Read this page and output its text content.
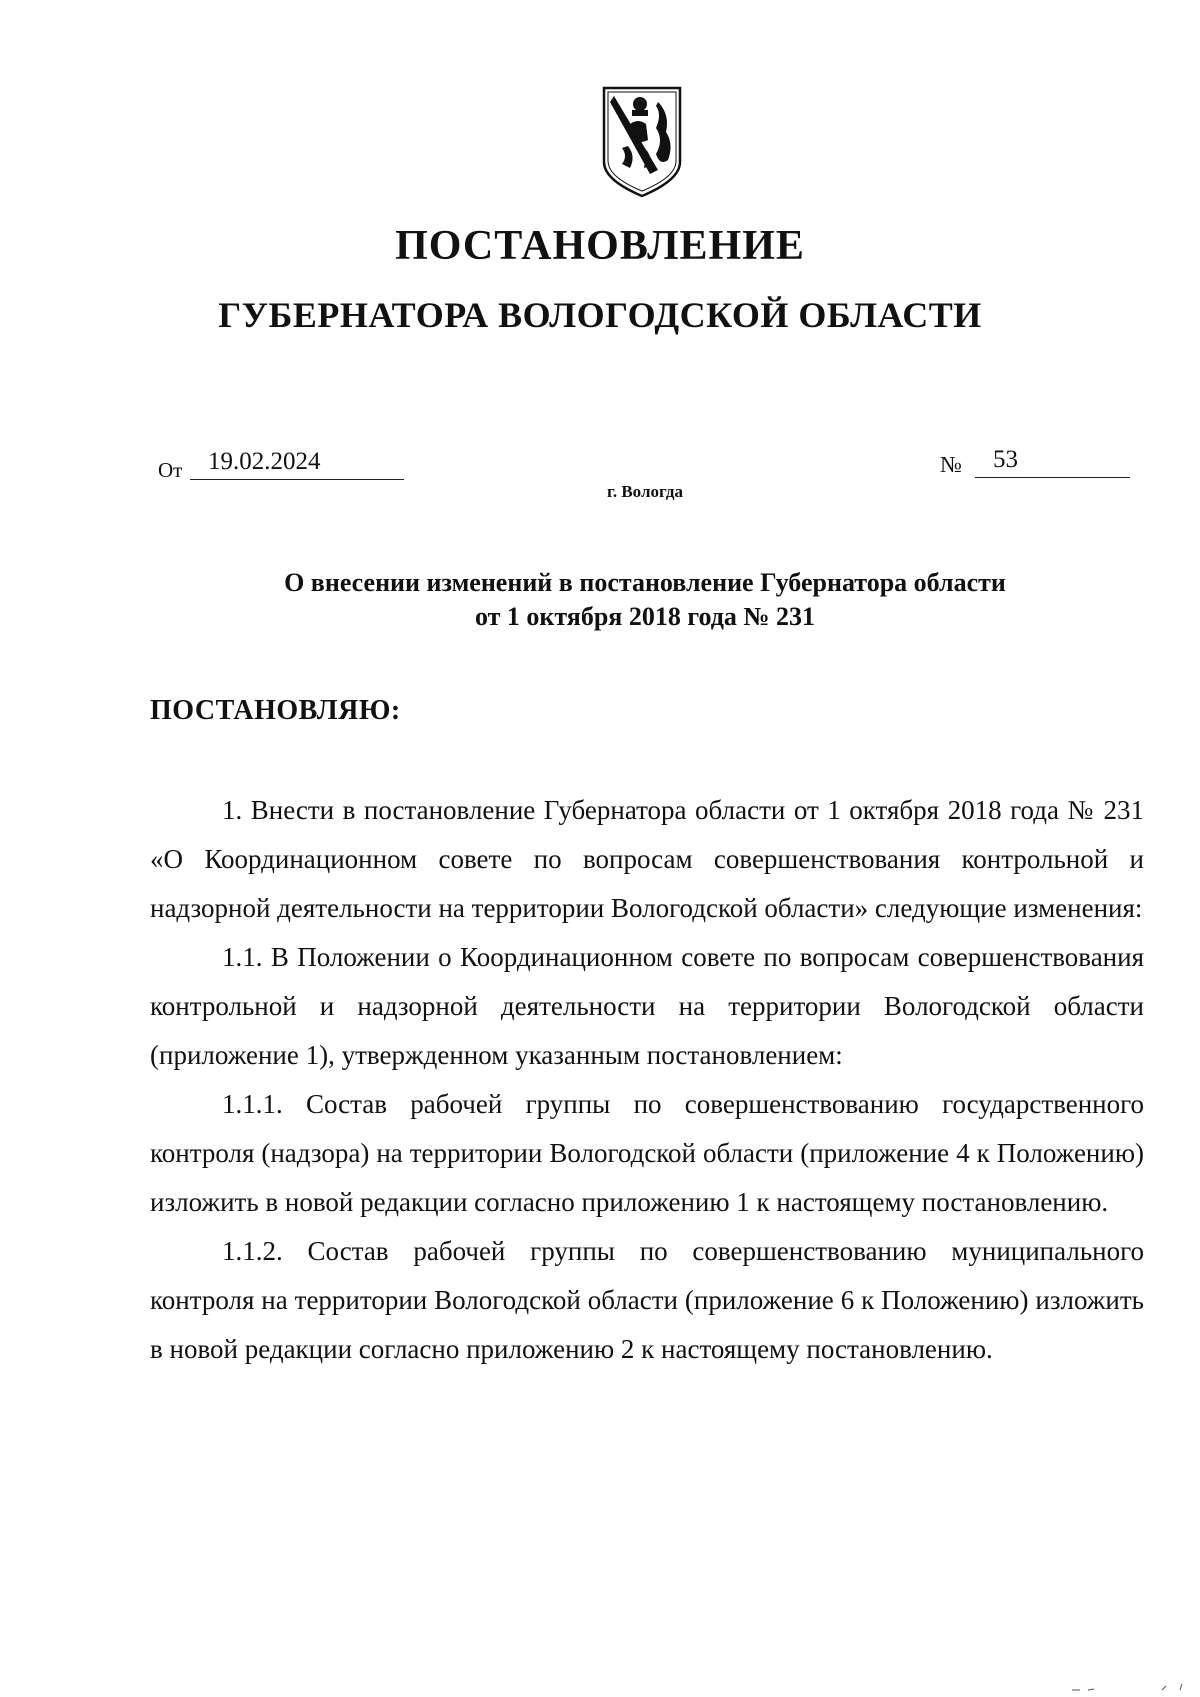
ПОСТАНОВЛЕНИЕ
ГУБЕРНАТОРА ВОЛОГОДСКОЙ ОБЛАСТИ
От	19.02.2024	№	53
г. Вологда
О внесении изменений в постановление Губернатора области
от 1 октября 2018 года № 231
ПОСТАНОВЛЯЮ:

1. Внести в постановление Губернатора области от 1 октября 2018 года № 231 «О Координационном совете по вопросам совершенствования контрольной и надзорной деятельности на территории Вологодской области» следующие изменения:

1.1. В Положении о Координационном совете по вопросам совершенствования контрольной и надзорной деятельности на территории Вологодской области (приложение 1), утвержденном указанным постановлением:

1.1.1. Состав рабочей группы по совершенствованию государственного контроля (надзора) на территории Вологодской области (приложение 4 к Положению) изложить в новой редакции согласно приложению 1 к настоящему постановлению.

1.1.2. Состав рабочей группы по совершенствованию муниципального контроля на территории Вологодской области (приложение 6 к Положению) изложить в новой редакции согласно приложению 2 к настоящему постановлению.
